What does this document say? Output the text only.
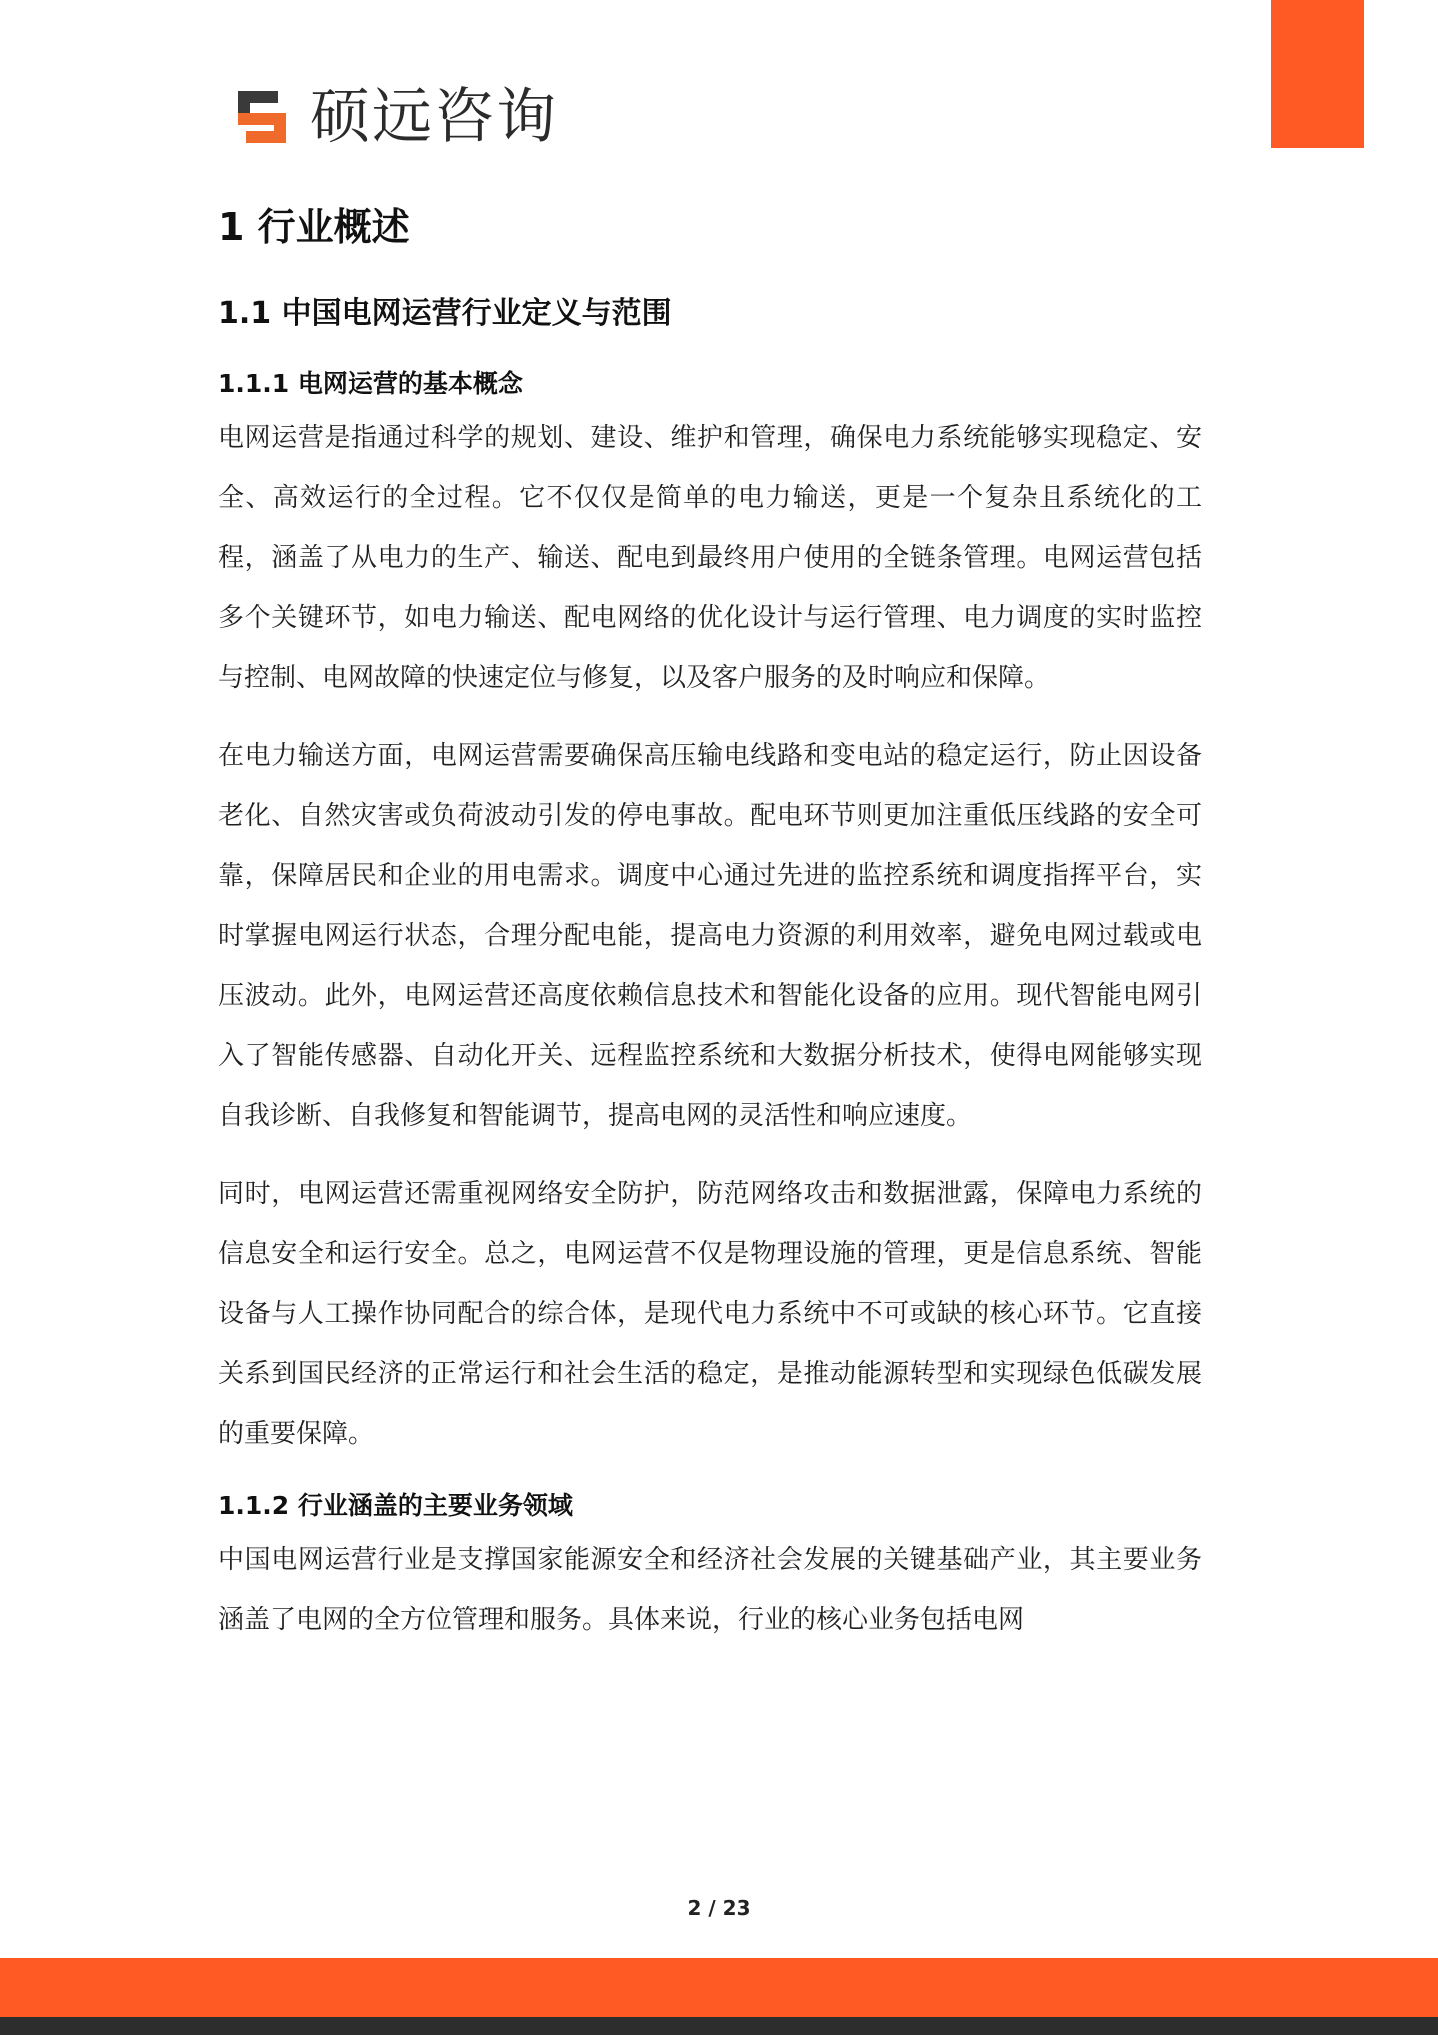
硕远咨询
1 行业概述
1.1 中国电网运营行业定义与范围
1.1.1 电网运营的基本概念

电网运营是指通过科学的规划、建设、维护和管理，确保电力系统能够实现稳定、安全、高效运行的全过程。它不仅仅是简单的电力输送，更是一个复杂且系统化的工程，涵盖了从电力的生产、输送、配电到最终用户使用的全链条管理。电网运营包括多个关键环节，如电力输送、配电网络的优化设计与运行管理、电力调度的实时监控与控制、电网故障的快速定位与修复，以及客户服务的及时响应和保障。

在电力输送方面，电网运营需要确保高压输电线路和变电站的稳定运行，防止因设备老化、自然灾害或负荷波动引发的停电事故。配电环节则更加注重低压线路的安全可靠，保障居民和企业的用电需求。调度中心通过先进的监控系统和调度指挥平台，实时掌握电网运行状态，合理分配电能，提高电力资源的利用效率，避免电网过载或电压波动。此外，电网运营还高度依赖信息技术和智能化设备的应用。现代智能电网引入了智能传感器、自动化开关、远程监控系统和大数据分析技术，使得电网能够实现自我诊断、自我修复和智能调节，提高电网的灵活性和响应速度。

同时，电网运营还需重视网络安全防护，防范网络攻击和数据泄露，保障电力系统的信息安全和运行安全。总之，电网运营不仅是物理设施的管理，更是信息系统、智能设备与人工操作协同配合的综合体，是现代电力系统中不可或缺的核心环节。它直接关系到国民经济的正常运行和社会生活的稳定，是推动能源转型和实现绿色低碳发展的重要保障。

1.1.2 行业涵盖的主要业务领域

中国电网运营行业是支撑国家能源安全和经济社会发展的关键基础产业，其主要业务涵盖了电网的全方位管理和服务。具体来说，行业的核心业务包括电网

2 / 23
